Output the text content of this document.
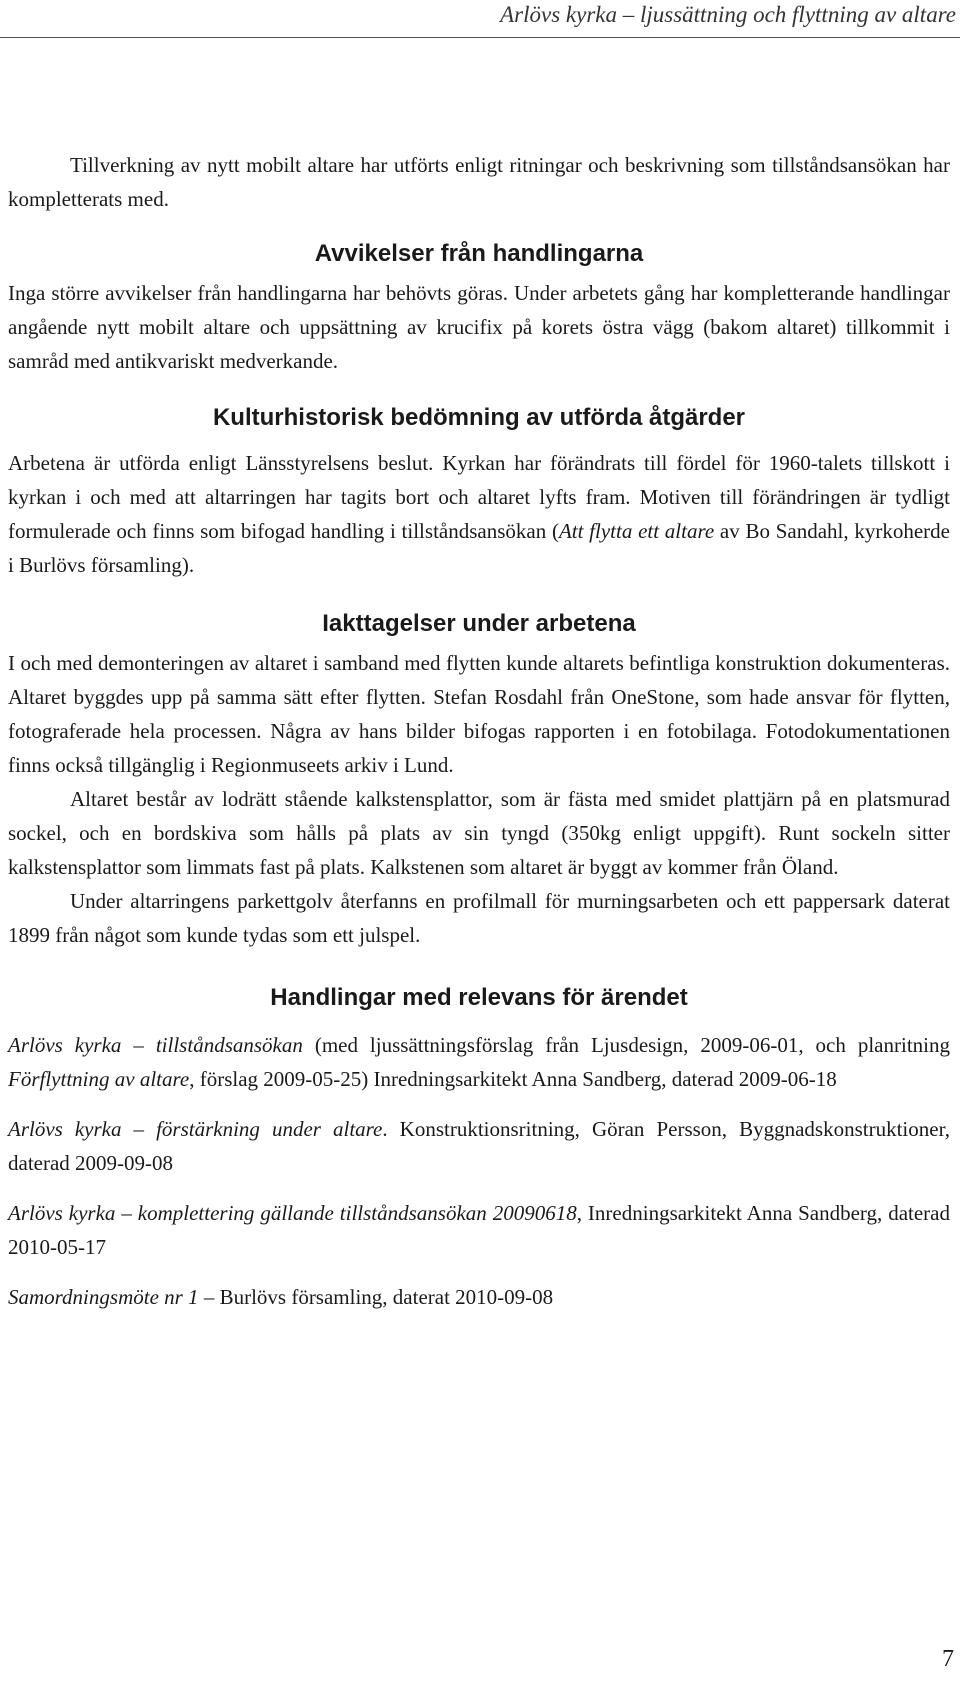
Arlövs kyrka – ljussättning och flyttning av altare

Tillverkning av nytt mobilt altare har utförts enligt ritningar och beskrivning som tillståndsansökan har kompletterats med.

Avvikelser från handlingarna

Inga större avvikelser från handlingarna har behövts göras. Under arbetets gång har kompletterande handlingar angående nytt mobilt altare och uppsättning av krucifix på korets östra vägg (bakom altaret) tillkommit i samråd med antikvariskt medverkande.

Kulturhistorisk bedömning av utförda åtgärder

Arbetena är utförda enligt Länsstyrelsens beslut. Kyrkan har förändrats till fördel för 1960-talets tillskott i kyrkan i och med att altarringen har tagits bort och altaret lyfts fram. Motiven till förändringen är tydligt formulerade och finns som bifogad handling i tillståndsansökan (Att flytta ett altare av Bo Sandahl, kyrkoherde i Burlövs församling).

Iakttagelser under arbetena

I och med demonteringen av altaret i samband med flytten kunde altarets befintliga konstruktion dokumenteras. Altaret byggdes upp på samma sätt efter flytten. Stefan Rosdahl från OneStone, som hade ansvar för flytten, fotograferade hela processen. Några av hans bilder bifogas rapporten i en fotobilaga. Fotodokumentationen finns också tillgänglig i Regionmuseets arkiv i Lund.

Altaret består av lodrätt stående kalkstensplattor, som är fästa med smidet plattjärn på en platsmurad sockel, och en bordskiva som hålls på plats av sin tyngd (350kg enligt uppgift). Runt sockeln sitter kalkstensplattor som limmats fast på plats. Kalkstenen som altaret är byggt av kommer från Öland.

Under altarringens parkettgolv återfanns en profilmall för murningsarbeten och ett pappersark daterat 1899 från något som kunde tydas som ett julspel.

Handlingar med relevans för ärendet

Arlövs kyrka – tillståndsansökan (med ljussättningsförslag från Ljusdesign, 2009-06-01, och planritning Förflyttning av altare, förslag 2009-05-25) Inredningsarkitekt Anna Sandberg, daterad 2009-06-18

Arlövs kyrka – förstärkning under altare. Konstruktionsritning, Göran Persson, Byggnadskonstruktioner, daterad 2009-09-08

Arlövs kyrka – komplettering gällande tillståndsansökan 20090618, Inredningsarkitekt Anna Sandberg, daterad 2010-05-17

Samordningsmöte nr 1 – Burlövs församling, daterat 2010-09-08

7
